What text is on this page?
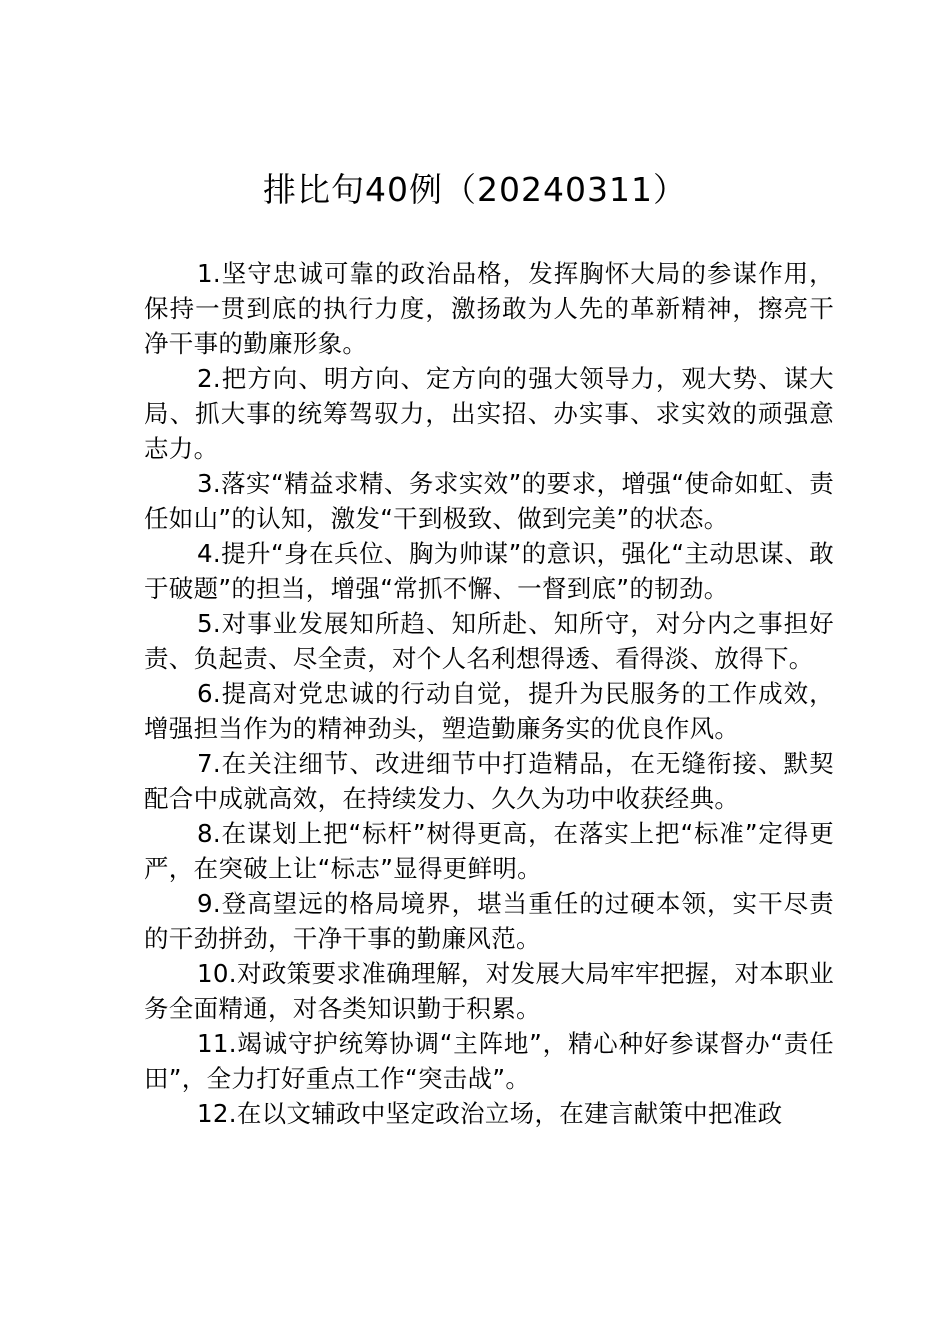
排比句40例（20240311）

1.坚守忠诚可靠的政治品格，发挥胸怀大局的参谋作用，保持一贯到底的执行力度，激扬敢为人先的革新精神，擦亮干净干事的勤廉形象。

2.把方向、明方向、定方向的强大领导力，观大势、谋大局、抓大事的统筹驾驭力，出实招、办实事、求实效的顽强意志力。

3.落实“精益求精、务求实效”的要求，增强“使命如虹、责任如山”的认知，激发“干到极致、做到完美”的状态。

4.提升“身在兵位、胸为帅谋”的意识，强化“主动思谋、敢于破题”的担当，增强“常抓不懈、一督到底”的韧劲。

5.对事业发展知所趋、知所赴、知所守，对分内之事担好责、负起责、尽全责，对个人名利想得透、看得淡、放得下。

6.提高对党忠诚的行动自觉，提升为民服务的工作成效，增强担当作为的精神劲头，塑造勤廉务实的优良作风。

7.在关注细节、改进细节中打造精品，在无缝衔接、默契配合中成就高效，在持续发力、久久为功中收获经典。

8.在谋划上把“标杆”树得更高，在落实上把“标准”定得更严，在突破上让“标志”显得更鲜明。

9.登高望远的格局境界，堪当重任的过硬本领，实干尽责的干劲拼劲，干净干事的勤廉风范。

10.对政策要求准确理解，对发展大局牢牢把握，对本职业务全面精通，对各类知识勤于积累。

11.竭诚守护统筹协调“主阵地”，精心种好参谋督办“责任田”，全力打好重点工作“突击战”。

12.在以文辅政中坚定政治立场，在建言献策中把准政
